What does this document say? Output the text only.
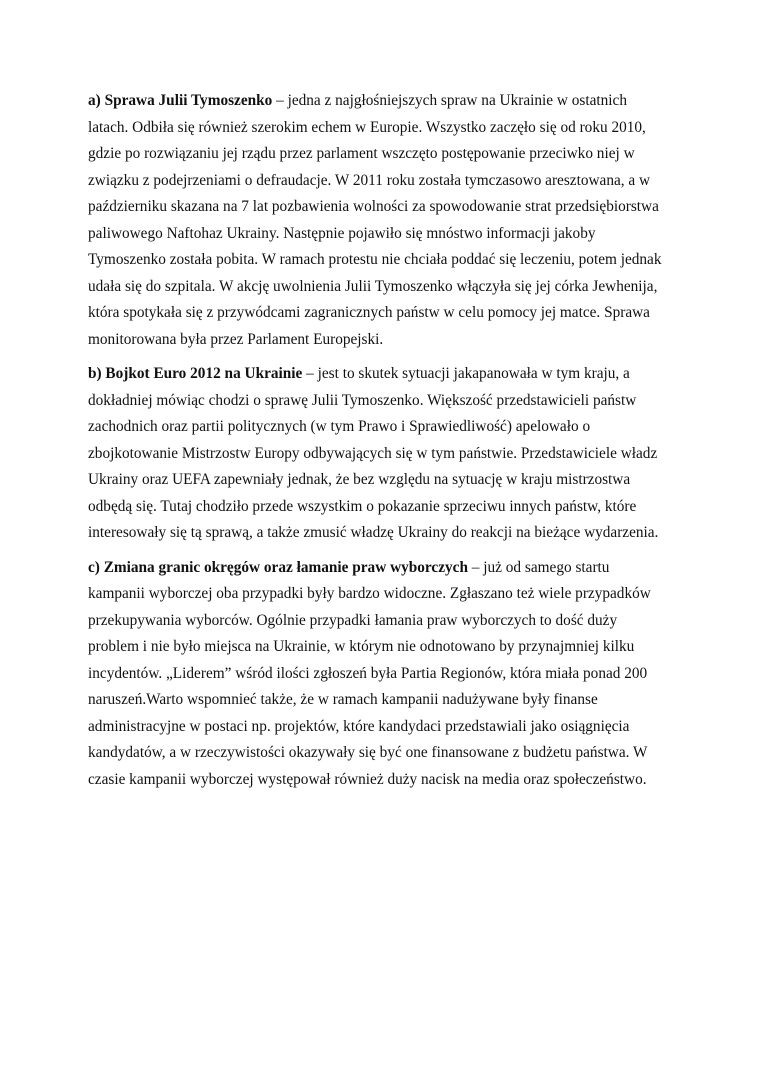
a) Sprawa Julii Tymoszenko – jedna z najgłośniejszych spraw na Ukrainie w ostatnich latach. Odbiła się również szerokim echem w Europie. Wszystko zaczęło się od roku 2010, gdzie po rozwiązaniu jej rządu przez parlament wszczęto postępowanie przeciwko niej w związku z podejrzeniami o defraudacje. W 2011 roku została tymczasowo aresztowana, a w październiku skazana na 7 lat pozbawienia wolności za spowodowanie strat przedsiębiorstwa paliwowego Naftohaz Ukrainy. Następnie pojawiło się mnóstwo informacji jakoby Tymoszenko została pobita. W ramach protestu nie chciała poddać się leczeniu, potem jednak udała się do szpitala. W akcję uwolnienia Julii Tymoszenko włączyła się jej córka Jewhenija, która spotykała się z przywódcami zagranicznych państw w celu pomocy jej matce. Sprawa monitorowana była przez Parlament Europejski.

b) Bojkot Euro 2012 na Ukrainie – jest to skutek sytuacji jakapanowała w tym kraju, a dokładniej mówiąc chodzi o sprawę Julii Tymoszenko. Większość przedstawicieli państw zachodnich oraz partii politycznych (w tym Prawo i Sprawiedliwość) apelowało o zbojkotowanie Mistrzostw Europy odbywających się w tym państwie. Przedstawiciele władz Ukrainy oraz UEFA zapewniały jednak, że bez względu na sytuację w kraju mistrzostwa odbędą się. Tutaj chodziło przede wszystkim o pokazanie sprzeciwu innych państw, które interesowały się tą sprawą, a także zmusić władzę Ukrainy do reakcji na bieżące wydarzenia.

c) Zmiana granic okręgów oraz łamanie praw wyborczych – już od samego startu kampanii wyborczej oba przypadki były bardzo widoczne. Zgłaszano też wiele przypadków przekupywania wyborców. Ogólnie przypadki łamania praw wyborczych to dość duży problem i nie było miejsca na Ukrainie, w którym nie odnotowano by przynajmniej kilku incydentów. „Liderem” wśród ilości zgłoszeń była Partia Regionów, która miała ponad 200 naruszeń.Warto wspomnieć także, że w ramach kampanii nadużywane były finanse administracyjne w postaci np. projektów, które kandydaci przedstawiali jako osiągnięcia kandydatów, a w rzeczywistości okazywały się być one finansowane z budżetu państwa. W czasie kampanii wyborczej występował również duży nacisk na media oraz społeczeństwo.
